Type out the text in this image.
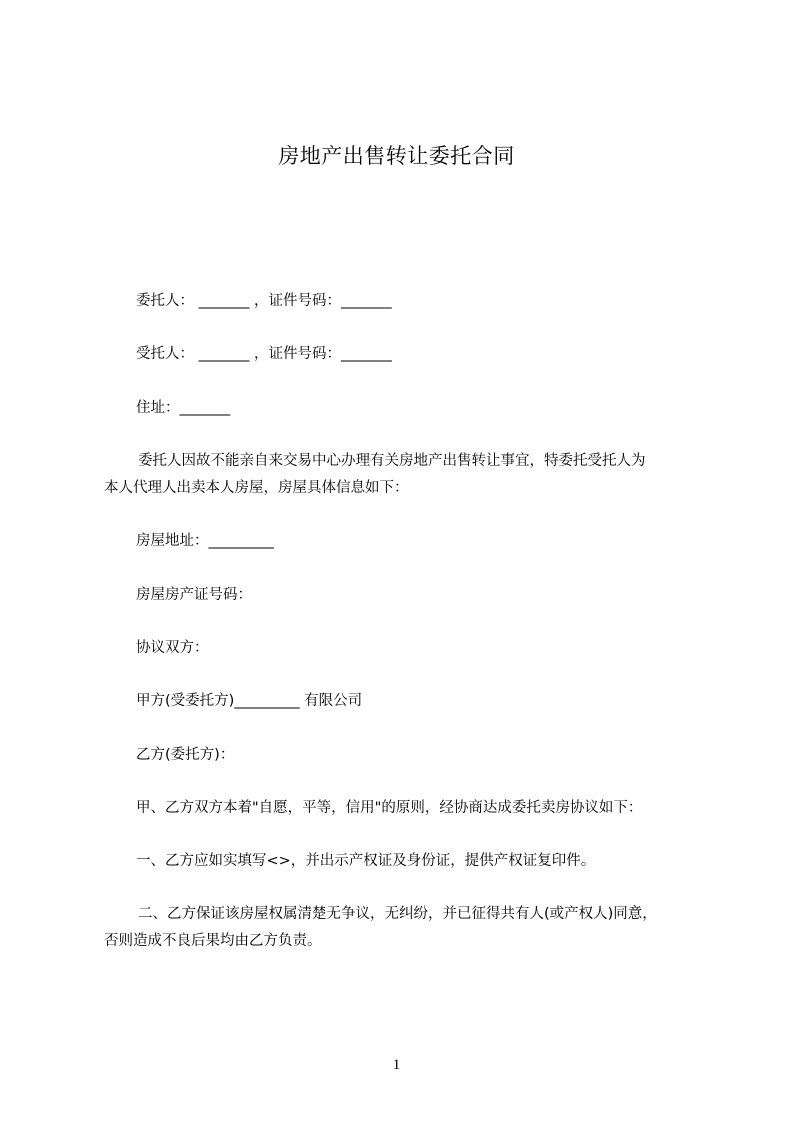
房地产出售转让委托合同
委托人： _______ ，证件号码：_______
受托人： _______ ，证件号码：_______
住址：_______
委托人因故不能亲自来交易中心办理有关房地产出售转让事宜，特委托受托人为
本人代理人出卖本人房屋，房屋具体信息如下：
房屋地址：_________
房屋房产证号码：
协议双方：
甲方(受委托方)_________ 有限公司
乙方(委托方)：
甲、乙方双方本着"自愿，平等，信用"的原则，经协商达成委托卖房协议如下：
一、乙方应如实填写<>，并出示产权证及身份证，提供产权证复印件。
二、乙方保证该房屋权属清楚无争议，无纠纷，并已征得共有人(或产权人)同意，
否则造成不良后果均由乙方负责。
1
